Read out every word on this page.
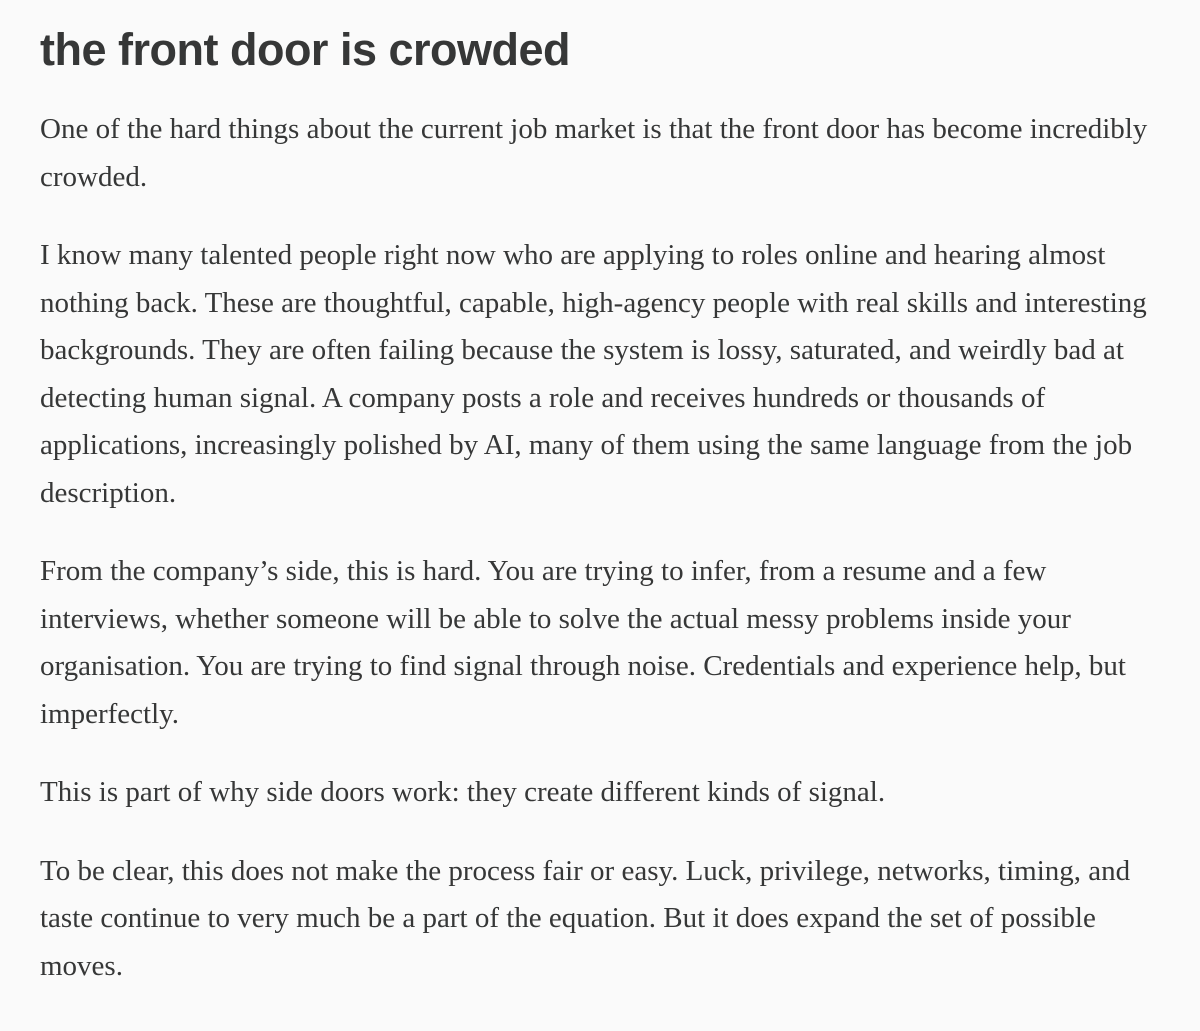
the front door is crowded

One of the hard things about the current job market is that the front door has become incredibly crowded.

I know many talented people right now who are applying to roles online and hearing almost nothing back. These are thoughtful, capable, high-agency people with real skills and interesting backgrounds. They are often failing because the system is lossy, saturated, and weirdly bad at detecting human signal. A company posts a role and receives hundreds or thousands of applications, increasingly polished by AI, many of them using the same language from the job description.

From the company’s side, this is hard. You are trying to infer, from a resume and a few interviews, whether someone will be able to solve the actual messy problems inside your organisation. You are trying to find signal through noise. Credentials and experience help, but imperfectly.

This is part of why side doors work: they create different kinds of signal.

To be clear, this does not make the process fair or easy. Luck, privilege, networks, timing, and taste continue to very much be a part of the equation. But it does expand the set of possible moves.
